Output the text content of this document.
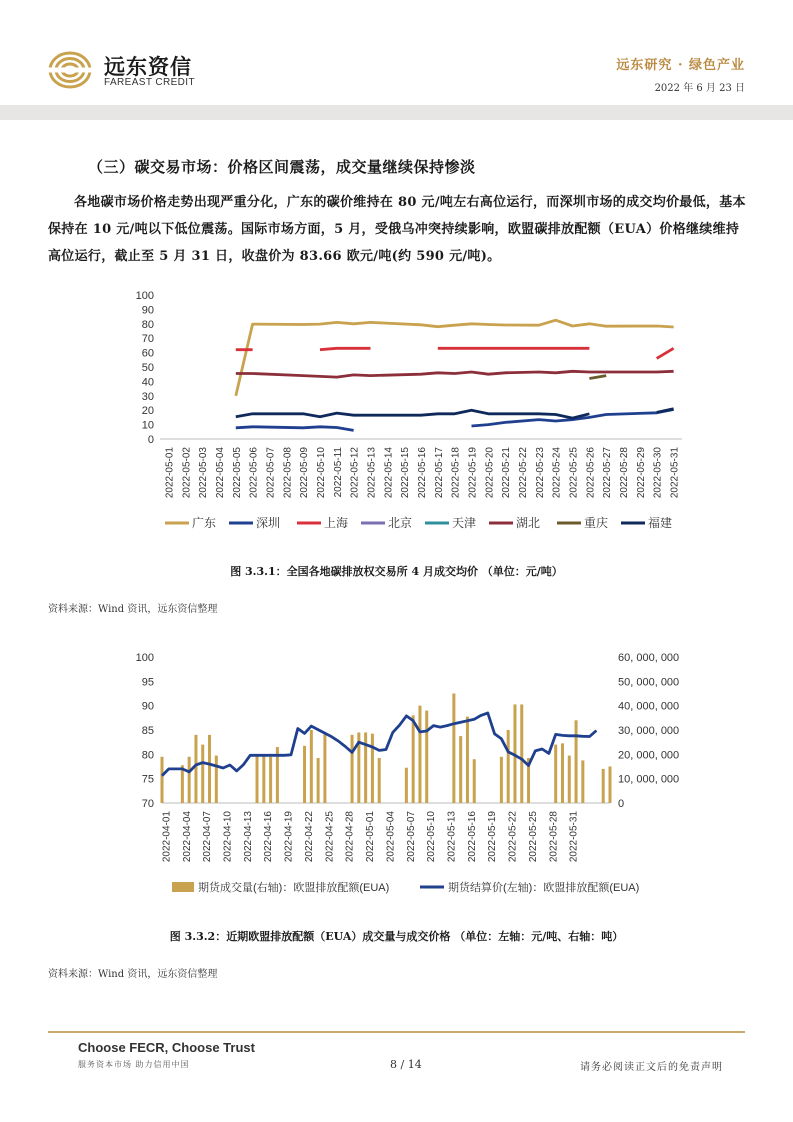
远东资信
FAREAST CREDIT
远东研究 · 绿色产业
2022 年 6 月 23 日
（三）碳交易市场：价格区间震荡，成交量继续保持惨淡
各地碳市场价格走势出现严重分化，广东的碳价维持在 80 元/吨左右高位运行，而深圳市场的成交均价最低，基本保持在 10 元/吨以下低位震荡。国际市场方面，5 月，受俄乌冲突持续影响，欧盟碳排放配额（EUA）价格继续维持高位运行，截止至 5 月 31 日，收盘价为 83.66 欧元/吨(约 590 元/吨)。
0
10
20
30
40
50
60
70
80
90
100
2022-05-01 2022-05-02 2022-05-03 2022-05-04 2022-05-05 2022-05-06 2022-05-07 2022-05-08 2022-05-09 2022-05-10 2022-05-11 2022-05-12 2022-05-13 2022-05-14 2022-05-15 2022-05-16 2022-05-17 2022-05-18 2022-05-19 2022-05-20 2022-05-21 2022-05-22 2022-05-23 2022-05-24 2022-05-25 2022-05-26 2022-05-27 2022-05-28 2022-05-29 2022-05-30 2022-05-31
广东	深圳	上海	北京	天津	湖北	重庆	福建
图 3.3.1：全国各地碳排放权交易所 4 月成交均价 （单位：元/吨）
资料来源：Wind 资讯，远东资信整理
70
75
80
85
90
95
100
0
10, 000, 000
20, 000, 000
30, 000, 000
40, 000, 000
50, 000, 000
60, 000, 000
2022-04-01 2022-04-04 2022-04-07 2022-04-10 2022-04-13 2022-04-16 2022-04-19 2022-04-22 2022-04-25 2022-04-28 2022-05-01 2022-05-04 2022-05-07 2022-05-10 2022-05-13 2022-05-16 2022-05-19 2022-05-22 2022-05-25 2022-05-28 2022-05-31
期货成交量(右轴)：欧盟排放配额(EUA)	期货结算价(左轴)：欧盟排放配额(EUA)
图 3.3.2：近期欧盟排放配额（EUA）成交量与成交价格 （单位：左轴：元/吨、右轴：吨）
资料来源：Wind 资讯，远东资信整理
Choose FECR, Choose Trust
服务资本市场 助力信用中国	8 / 14	请务必阅读正文后的免责声明
